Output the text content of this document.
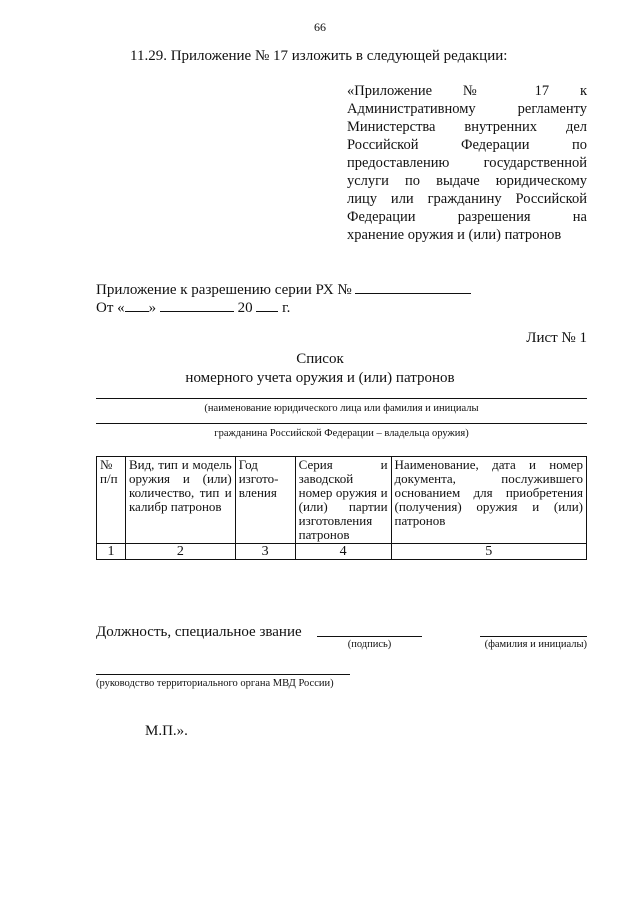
66
11.29. Приложение № 17 изложить в следующей редакции:

«Приложение № 17 к

Административному регламенту

Министерства внутренних дел

Российской Федерации по

предоставлению государственной

услуги по выдаче юридическому

лицу или гражданину Российской

Федерации разрешения на

хранение оружия и (или) патронов

Приложение к разрешению серии РХ №
От « »	20 г.
Лист № 1
Список
номерного учета оружия и (или) патронов
(наименование юридического лица или фамилия и инициалы
гражданина Российской Федерации – владельца оружия)
№ п/п	Вид, тип и модель оружия и (или) количество, тип и калибр патронов	Год изгото-вления	Серия и заводской номер оружия и (или) партии изготовления патронов	Наименование, дата и номер документа, послужившего основанием для приобретения (получения) оружия и (или) патронов
1	2	3	4	5
Должность, специальное звание
(подпись)	(фамилия и инициалы)
(руководство территориального органа МВД России)
М.П.».
